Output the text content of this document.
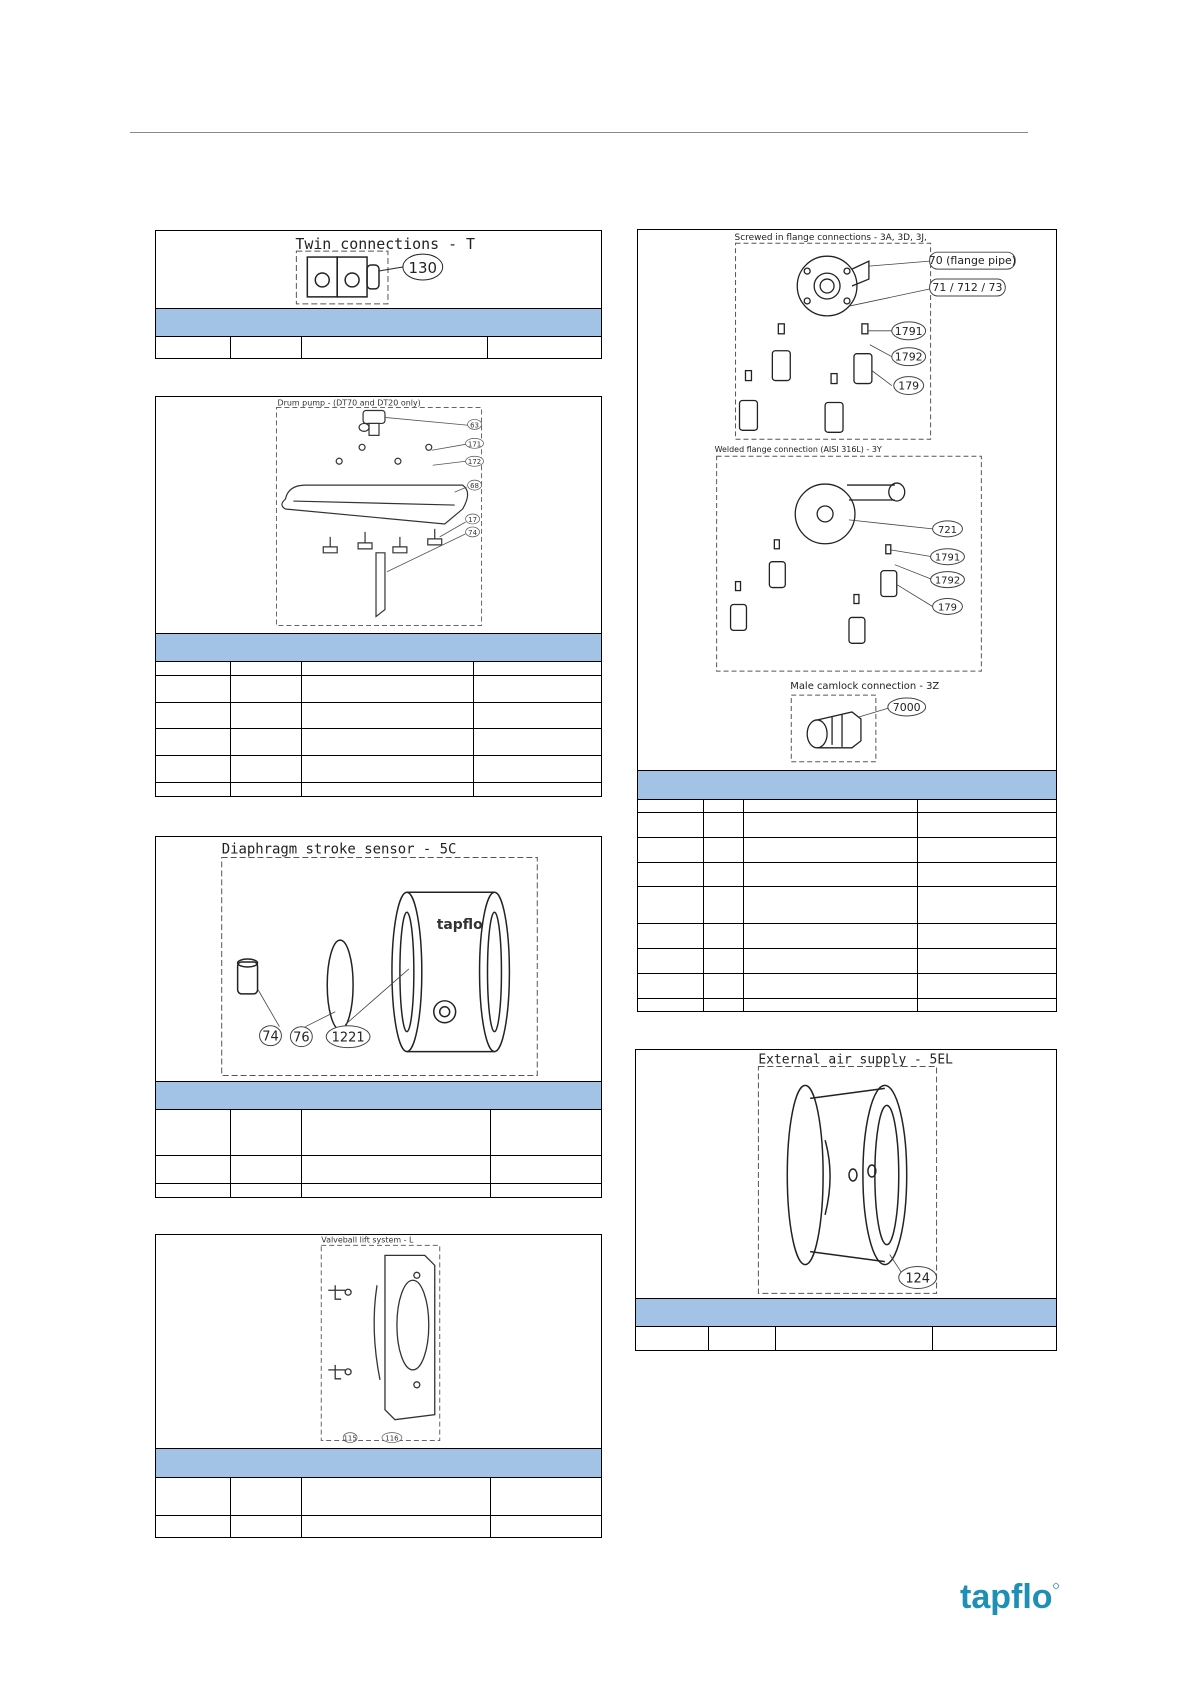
Twin connections - T
130

Drum pump - (DT70 and DT20 only)
63
171
172
68
17
74

Diaphragm stroke sensor - 5C
tapflo
74 76 1221

Valveball lift system - L
115	116

Screwed in flange connections - 3A, 3D, 3J,
70 (flange pipe)
71 / 712 / 73
1791
1792
179
Welded flange connection (AISI 316L) - 3Y
721
1791
1792
179
Male camlock connection - 3Z
7000

External air supply - 5EL
124

tapflo
